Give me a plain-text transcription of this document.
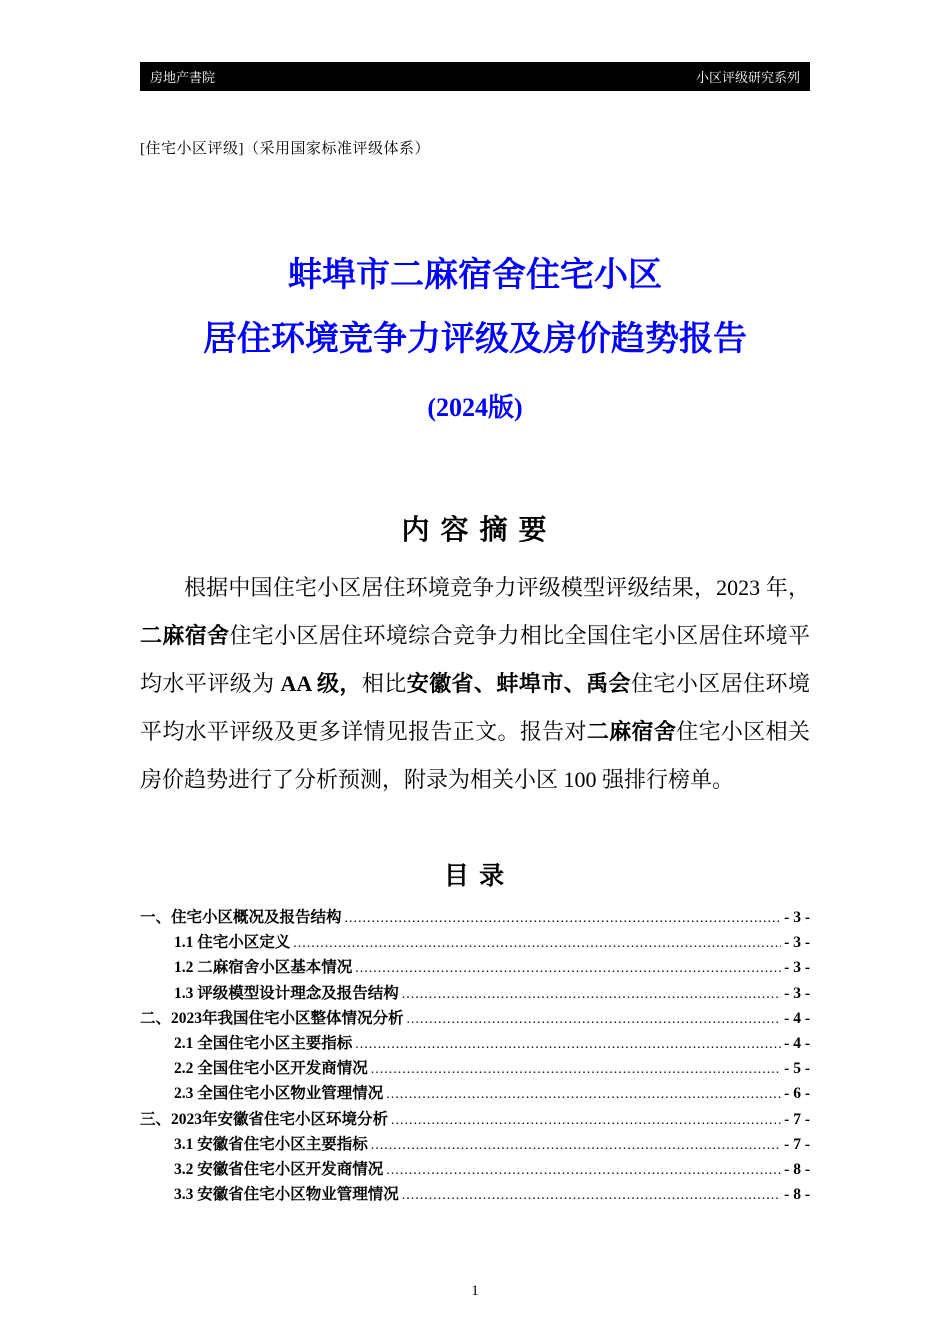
房地产書院	小区评级研究系列
[住宅小区评级]（采用国家标准评级体系）
蚌埠市二麻宿舍住宅小区
居住环境竞争力评级及房价趋势报告
(2024版)
内 容 摘 要

根据中国住宅小区居住环境竞争力评级模型评级结果，2023 年，二麻宿舍住宅小区居住环境综合竞争力相比全国住宅小区居住环境平均水平评级为 AA 级，相比安徽省、蚌埠市、禹会住宅小区居住环境平均水平评级及更多详情见报告正文。报告对二麻宿舍住宅小区相关房价趋势进行了分析预测，附录为相关小区 100 强排行榜单。

目 录
一、住宅小区概况及报告结构 .....	- 3 -
1.1 住宅小区定义 .....	- 3 -
1.2 二麻宿舍小区基本情况 .....	- 3 -
1.3 评级模型设计理念及报告结构 .....	- 3 -
二、2023年我国住宅小区整体情况分析 .....	- 4 -
2.1 全国住宅小区主要指标 .....	- 4 -
2.2 全国住宅小区开发商情况 .....	- 5 -
2.3 全国住宅小区物业管理情况 .....	- 6 -
三、2023年安徽省住宅小区环境分析 .....	- 7 -
3.1 安徽省住宅小区主要指标 .....	- 7 -
3.2 安徽省住宅小区开发商情况 .....	- 8 -
3.3 安徽省住宅小区物业管理情况 .....	- 8 -
1
